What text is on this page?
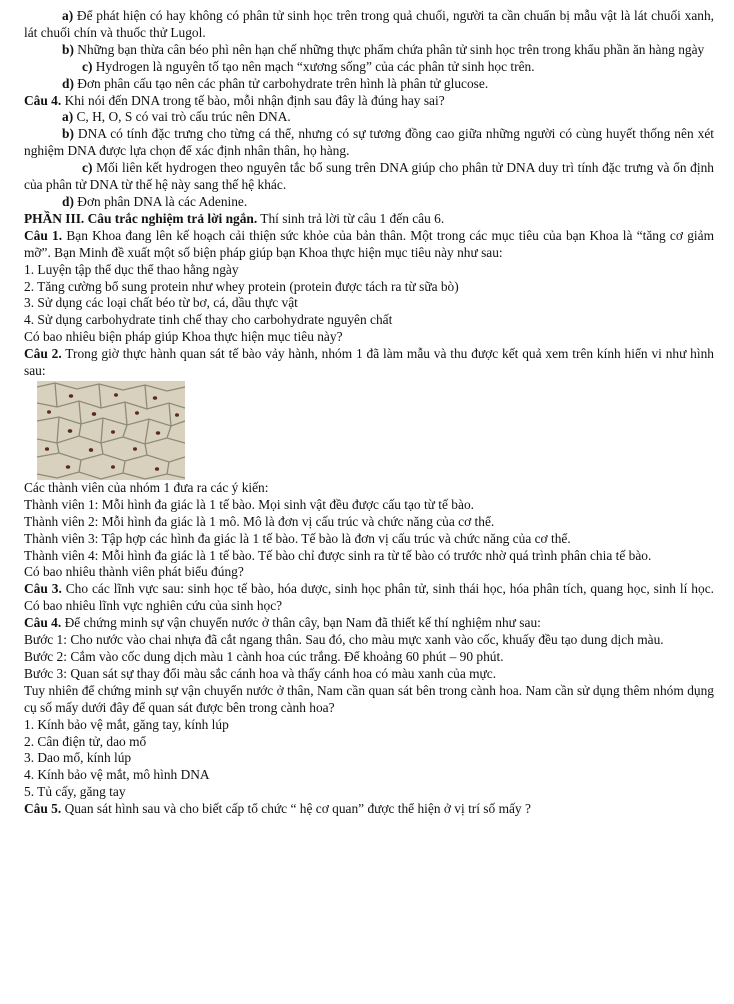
a) Để phát hiện có hay không có phân tử sinh học trên trong quả chuối, người ta cần chuẩn bị mẫu vật là lát chuối xanh, lát chuối chín và thuốc thử Lugol.

b) Những bạn thừa cân béo phì nên hạn chế những thực phẩm chứa phân tử sinh học trên trong khẩu phần ăn hàng ngày

c) Hydrogen là nguyên tố tạo nên mạch “xương sống” của các phân tử sinh học trên.

d) Đơn phân cấu tạo nên các phân tử carbohydrate trên hình là phân tử glucose.

Câu 4. Khi nói đến DNA trong tế bào, mỗi nhận định sau đây là đúng hay sai?

a) C, H, O, S có vai trò cấu trúc nên DNA.

b) DNA có tính đặc trưng cho từng cá thể, nhưng có sự tương đồng cao giữa những người có cùng huyết thống nên xét nghiệm DNA được lựa chọn để xác định nhân thân, họ hàng.

c) Mối liên kết hydrogen theo nguyên tắc bổ sung trên DNA giúp cho phân tử DNA duy trì tính đặc trưng và ổn định của phân tử DNA từ thế hệ này sang thế hệ khác.

d) Đơn phân DNA là các Adenine.

PHẦN III. Câu trắc nghiệm trả lời ngắn. Thí sinh trả lời từ câu 1 đến câu 6.

Câu 1. Bạn Khoa đang lên kế hoạch cải thiện sức khỏe của bản thân. Một trong các mục tiêu của bạn Khoa là “tăng cơ giảm mỡ”. Bạn Minh đề xuất một số biện pháp giúp bạn Khoa thực hiện mục tiêu này như sau:

1. Luyện tập thể dục thể thao hằng ngày

2. Tăng cường bổ sung protein như whey protein (protein được tách ra từ sữa bò)

3. Sử dụng các loại chất béo từ bơ, cá, dầu thực vật

4. Sử dụng carbohydrate tinh chế thay cho carbohydrate nguyên chất

Có bao nhiêu biện pháp giúp Khoa thực hiện mục tiêu này?

Câu 2. Trong giờ thực hành quan sát tế bào vảy hành, nhóm 1 đã làm mẫu và thu được kết quả xem trên kính hiển vi như hình sau:

Các thành viên của nhóm 1 đưa ra các ý kiến:

Thành viên 1: Mỗi hình đa giác là 1 tế bào. Mọi sinh vật đều được cấu tạo từ tế bào.

Thành viên 2: Mỗi hình đa giác là 1 mô. Mô là đơn vị cấu trúc và chức năng của cơ thể.

Thành viên 3: Tập hợp các hình đa giác là 1 tế bào. Tế bào là đơn vị cấu trúc và chức năng của cơ thể.

Thành viên 4: Mỗi hình đa giác là 1 tế bào. Tế bào chỉ được sinh ra từ tế bào có trước nhờ quá trình phân chia tế bào.

Có bao nhiêu thành viên phát biểu đúng?

Câu 3. Cho các lĩnh vực sau: sinh học tế bào, hóa dược, sinh học phân tử, sinh thái học, hóa phân tích, quang học, sinh lí học. Có bao nhiêu lĩnh vực nghiên cứu của sinh học?

Câu 4. Để chứng minh sự vận chuyển nước ở thân cây, bạn Nam đã thiết kế thí nghiệm như sau:

Bước 1: Cho nước vào chai nhựa đã cắt ngang thân. Sau đó, cho màu mực xanh vào cốc, khuấy đều tạo dung dịch màu.

Bước 2: Cắm vào cốc dung dịch màu 1 cành hoa cúc trắng. Để khoảng 60 phút – 90 phút.

Bước 3: Quan sát sự thay đổi màu sắc cánh hoa và thấy cánh hoa có màu xanh của mực.

Tuy nhiên để chứng minh sự vận chuyển nước ở thân, Nam cần quan sát bên trong cành hoa. Nam cần sử dụng thêm nhóm dụng cụ số mấy dưới đây để quan sát được bên trong cành hoa?

1. Kính bảo vệ mắt, găng tay, kính lúp

2. Cân điện tử, dao mổ

3. Dao mổ, kính lúp

4. Kính bảo vệ mắt, mô hình DNA

5. Tủ cấy, găng tay

Câu 5. Quan sát hình sau và cho biết cấp tổ chức “ hệ cơ quan” được thể hiện ở vị trí số mấy ?
